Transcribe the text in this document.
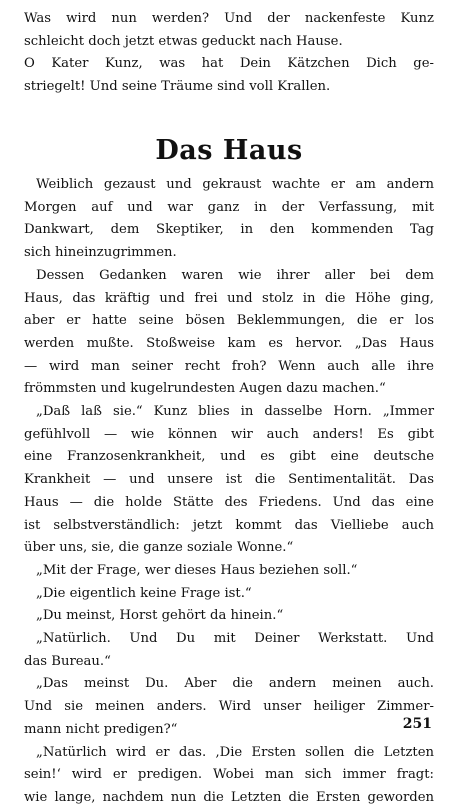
Was wird nun werden? Und der nackenfeste Kunz
schleicht doch jetzt etwas geduckt nach Hause.
O Kater Kunz, was hat Dein Kätzchen Dich ge-
striegelt! Und seine Träume sind voll Krallen.
Das Haus
Weiblich gezaust und gekraust wachte er am andern
Morgen auf und war ganz in der Verfassung, mit
Dankwart, dem Skeptiker, in den kommenden Tag
sich hineinzugrimmen.
Dessen Gedanken waren wie ihrer aller bei dem
Haus, das kräftig und frei und stolz in die Höhe ging,
aber er hatte seine bösen Beklemmungen, die er los
werden mußte. Stoßweise kam es hervor. „Das Haus
— wird man seiner recht froh? Wenn auch alle ihre
frömmsten und kugelrundesten Augen dazu machen.“
„Daß laß sie.“ Kunz blies in dasselbe Horn. „Immer
gefühlvoll — wie können wir auch anders! Es gibt
eine Franzosenkrankheit, und es gibt eine deutsche
Krankheit — und unsere ist die Sentimentalität. Das
Haus — die holde Stätte des Friedens. Und das eine
ist selbstverständlich: jetzt kommt das Vielliebe auch
über uns, sie, die ganze soziale Wonne.“
„Mit der Frage, wer dieses Haus beziehen soll.“
„Die eigentlich keine Frage ist.“
„Du meinst, Horst gehört da hinein.“
„Natürlich. Und Du mit Deiner Werkstatt. Und
das Bureau.“
„Das meinst Du. Aber die andern meinen auch.
Und sie meinen anders. Wird unser heiliger Zimmer-
mann nicht predigen?“
„Natürlich wird er das. ‚Die Ersten sollen die Letzten
sein!‘ wird er predigen. Wobei man sich immer fragt:
wie lange, nachdem nun die Letzten die Ersten geworden
251
